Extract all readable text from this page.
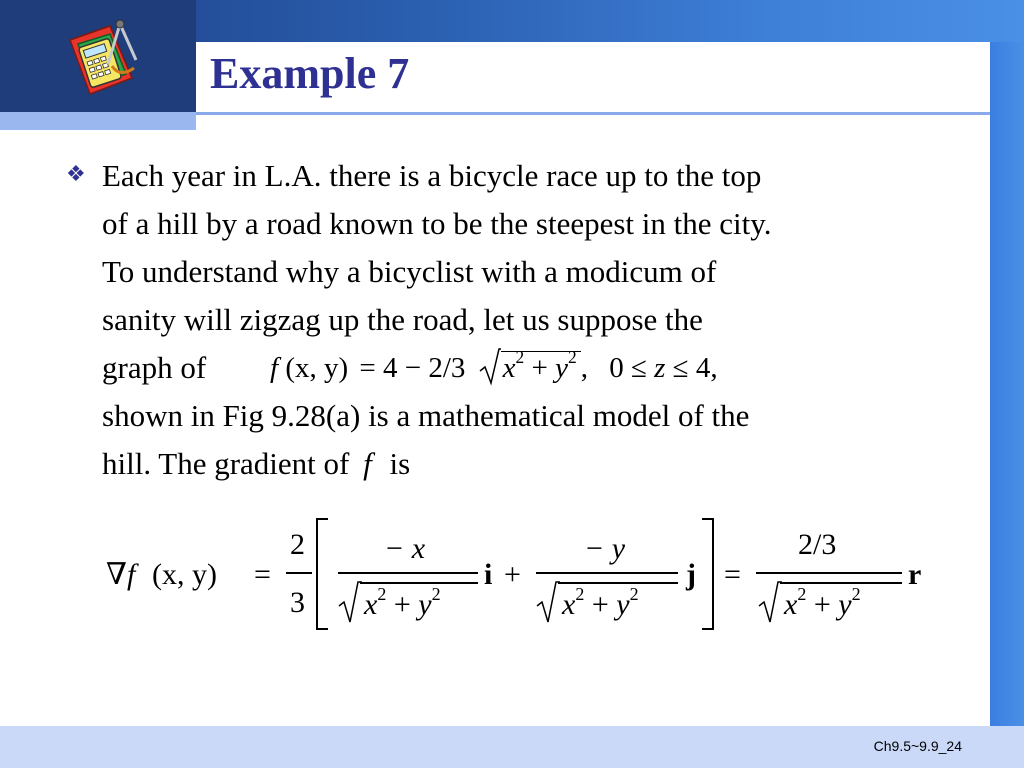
Example 7
❖ Each year in L.A. there is a bicycle race up to the top
of a hill by a road known to be the steepest in the city.
To understand why a bicyclist with a modicum of
sanity will zigzag up the road, let us suppose the
graph of f (x, y) = 4 − 2/3 $x^2 + y^2$ , 0 ≤ z ≤ 4,
shown in Fig 9.28(a) is a mathematical model of the
hill. The gradient of f is
∇f (x, y) =
2
3
− x
$x^2 + y^2$
i +
− y
$x^2 + y^2$
j =
2/3
$x^2 + y^2$
r
Ch9.5~9.9_24
